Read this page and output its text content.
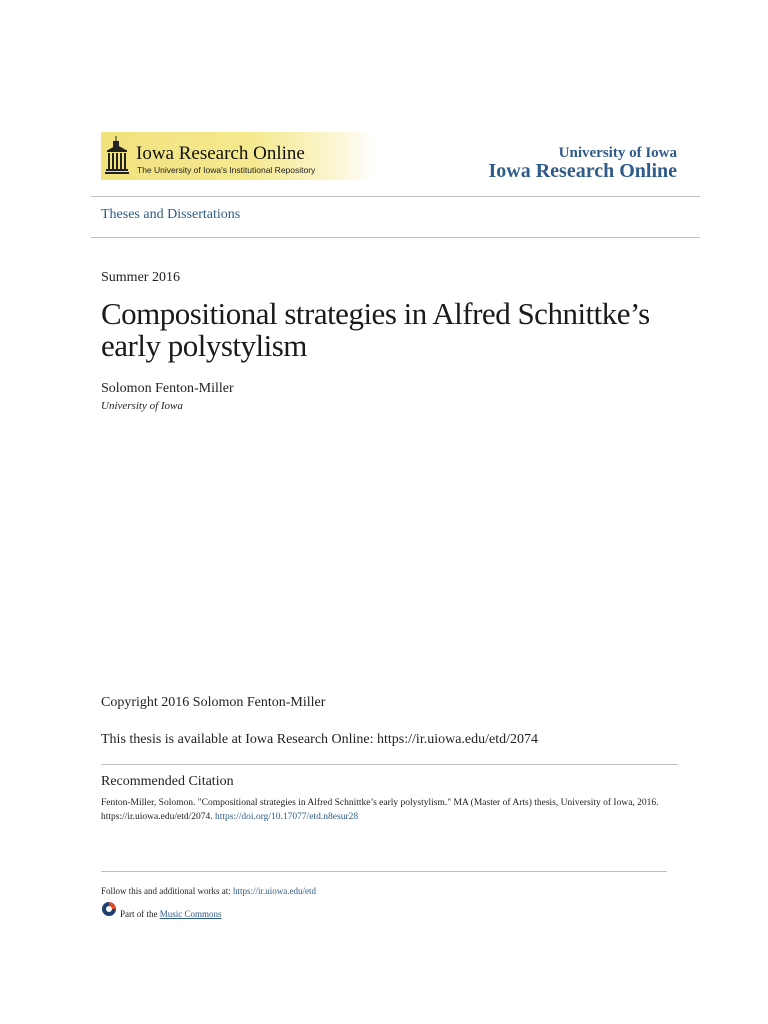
Iowa Research Online
The University of Iowa's Institutional Repository
University of Iowa
Iowa Research Online
Theses and Dissertations
Summer 2016
Compositional strategies in Alfred Schnittke’s early polystylism
Solomon Fenton-Miller
University of Iowa
Copyright 2016 Solomon Fenton-Miller
This thesis is available at Iowa Research Online: https://ir.uiowa.edu/etd/2074
Recommended Citation
Fenton-Miller, Solomon. "Compositional strategies in Alfred Schnittke’s early polystylism." MA (Master of Arts) thesis, University of Iowa, 2016.
https://ir.uiowa.edu/etd/2074. https://doi.org/10.17077/etd.n8esur28
Follow this and additional works at: https://ir.uiowa.edu/etd
Part of the Music Commons
